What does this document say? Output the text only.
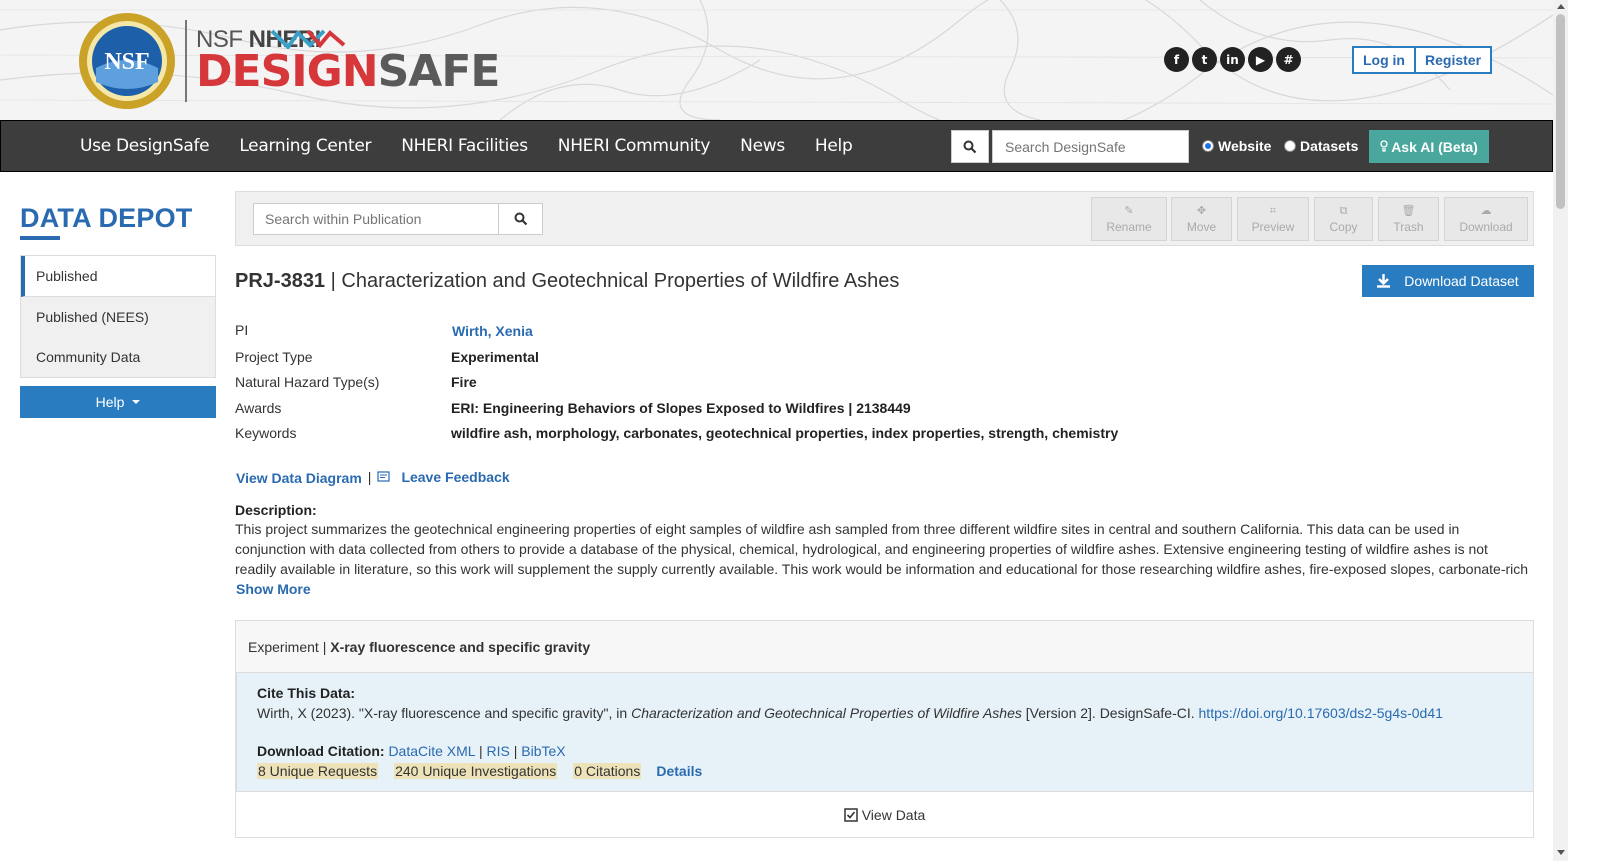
NSF
NSF NHERI
DESIGNSAFE	f	t	in	▶	#	Log in	Register
Use DesignSafe	Learning Center	NHERI Facilities	NHERI Community	News	Help
Search DesignSafe	Website Datasets Ask AI (Beta)
DATA DEPOT
Published
Published (NEES)
Community Data
Help
Search within Publication
✎
Rename
✥
Move
⌗
Preview
⧉
Copy
🗑︎
Trash
☁
Download
PRJ-3831 | Characterization and Geotechnical Properties of Wildfire Ashes	Download Dataset
PI	Wirth, Xenia
Project Type	Experimental
Natural Hazard Type(s)	Fire
Awards	ERI: Engineering Behaviors of Slopes Exposed to Wildfires | 2138449
Keywords	wildfire ash, morphology, carbonates, geotechnical properties, index properties, strength, chemistry
View Data Diagram | Leave Feedback
Description:
This project summarizes the geotechnical engineering properties of eight samples of wildfire ash sampled from three different wildfire sites in central and southern California. This data can be used in conjunction with data collected from others to provide a database of the physical, chemical, hydrological, and engineering properties of wildfire ashes. Extensive engineering testing of wildfire ashes is not readily available in literature, so this work will supplement the supply currently available. This work would be information and educational for those researching wildfire ashes, fire-exposed slopes, carbonate-rich
Show More
Experiment | X-ray fluorescence and specific gravity
Cite This Data:
Wirth, X (2023). "X-ray fluorescence and specific gravity", in Characterization and Geotechnical Properties of Wildfire Ashes [Version 2]. DesignSafe-CI. https://doi.org/10.17603/ds2-5g4s-0d41
Download Citation: DataCite XML | RIS | BibTeX
8 Unique Requests 240 Unique Investigations 0 Citations Details
View Data
